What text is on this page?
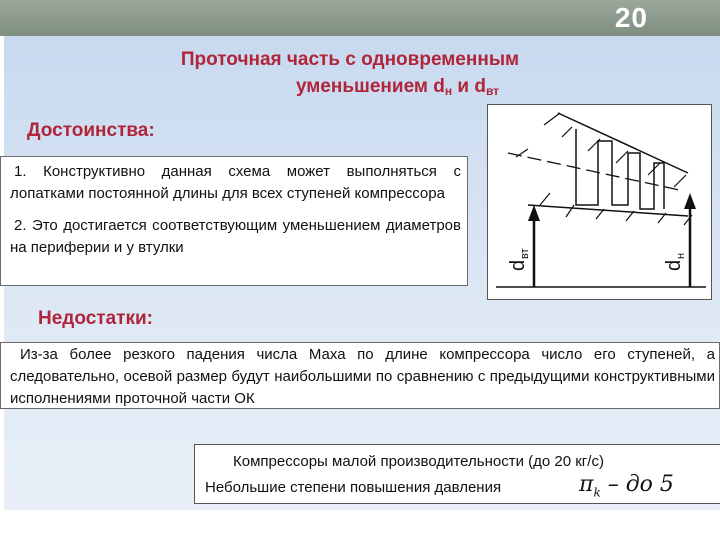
20
Проточная часть с одновременным
уменьшением $d_н$ и $d_{вт}$
Достоинства:

1. Конструктивно данная схема может выполняться с лопатками постоянной длины для всех ступеней компрессора

2. Это достигается соответствующим уменьшением диаметров на периферии и у втулки

d
вт
d
н
Недостатки:

Из-за более резкого падения числа Маха по длине компрессора число его ступеней, а следовательно, осевой размер будут наибольшими по сравнению с предыдущими конструктивными исполнениями проточной части ОК

Компрессоры малой производительности (до 20 кг/с)
Небольшие степени повышения давления	$\pi_k$ – до 5
